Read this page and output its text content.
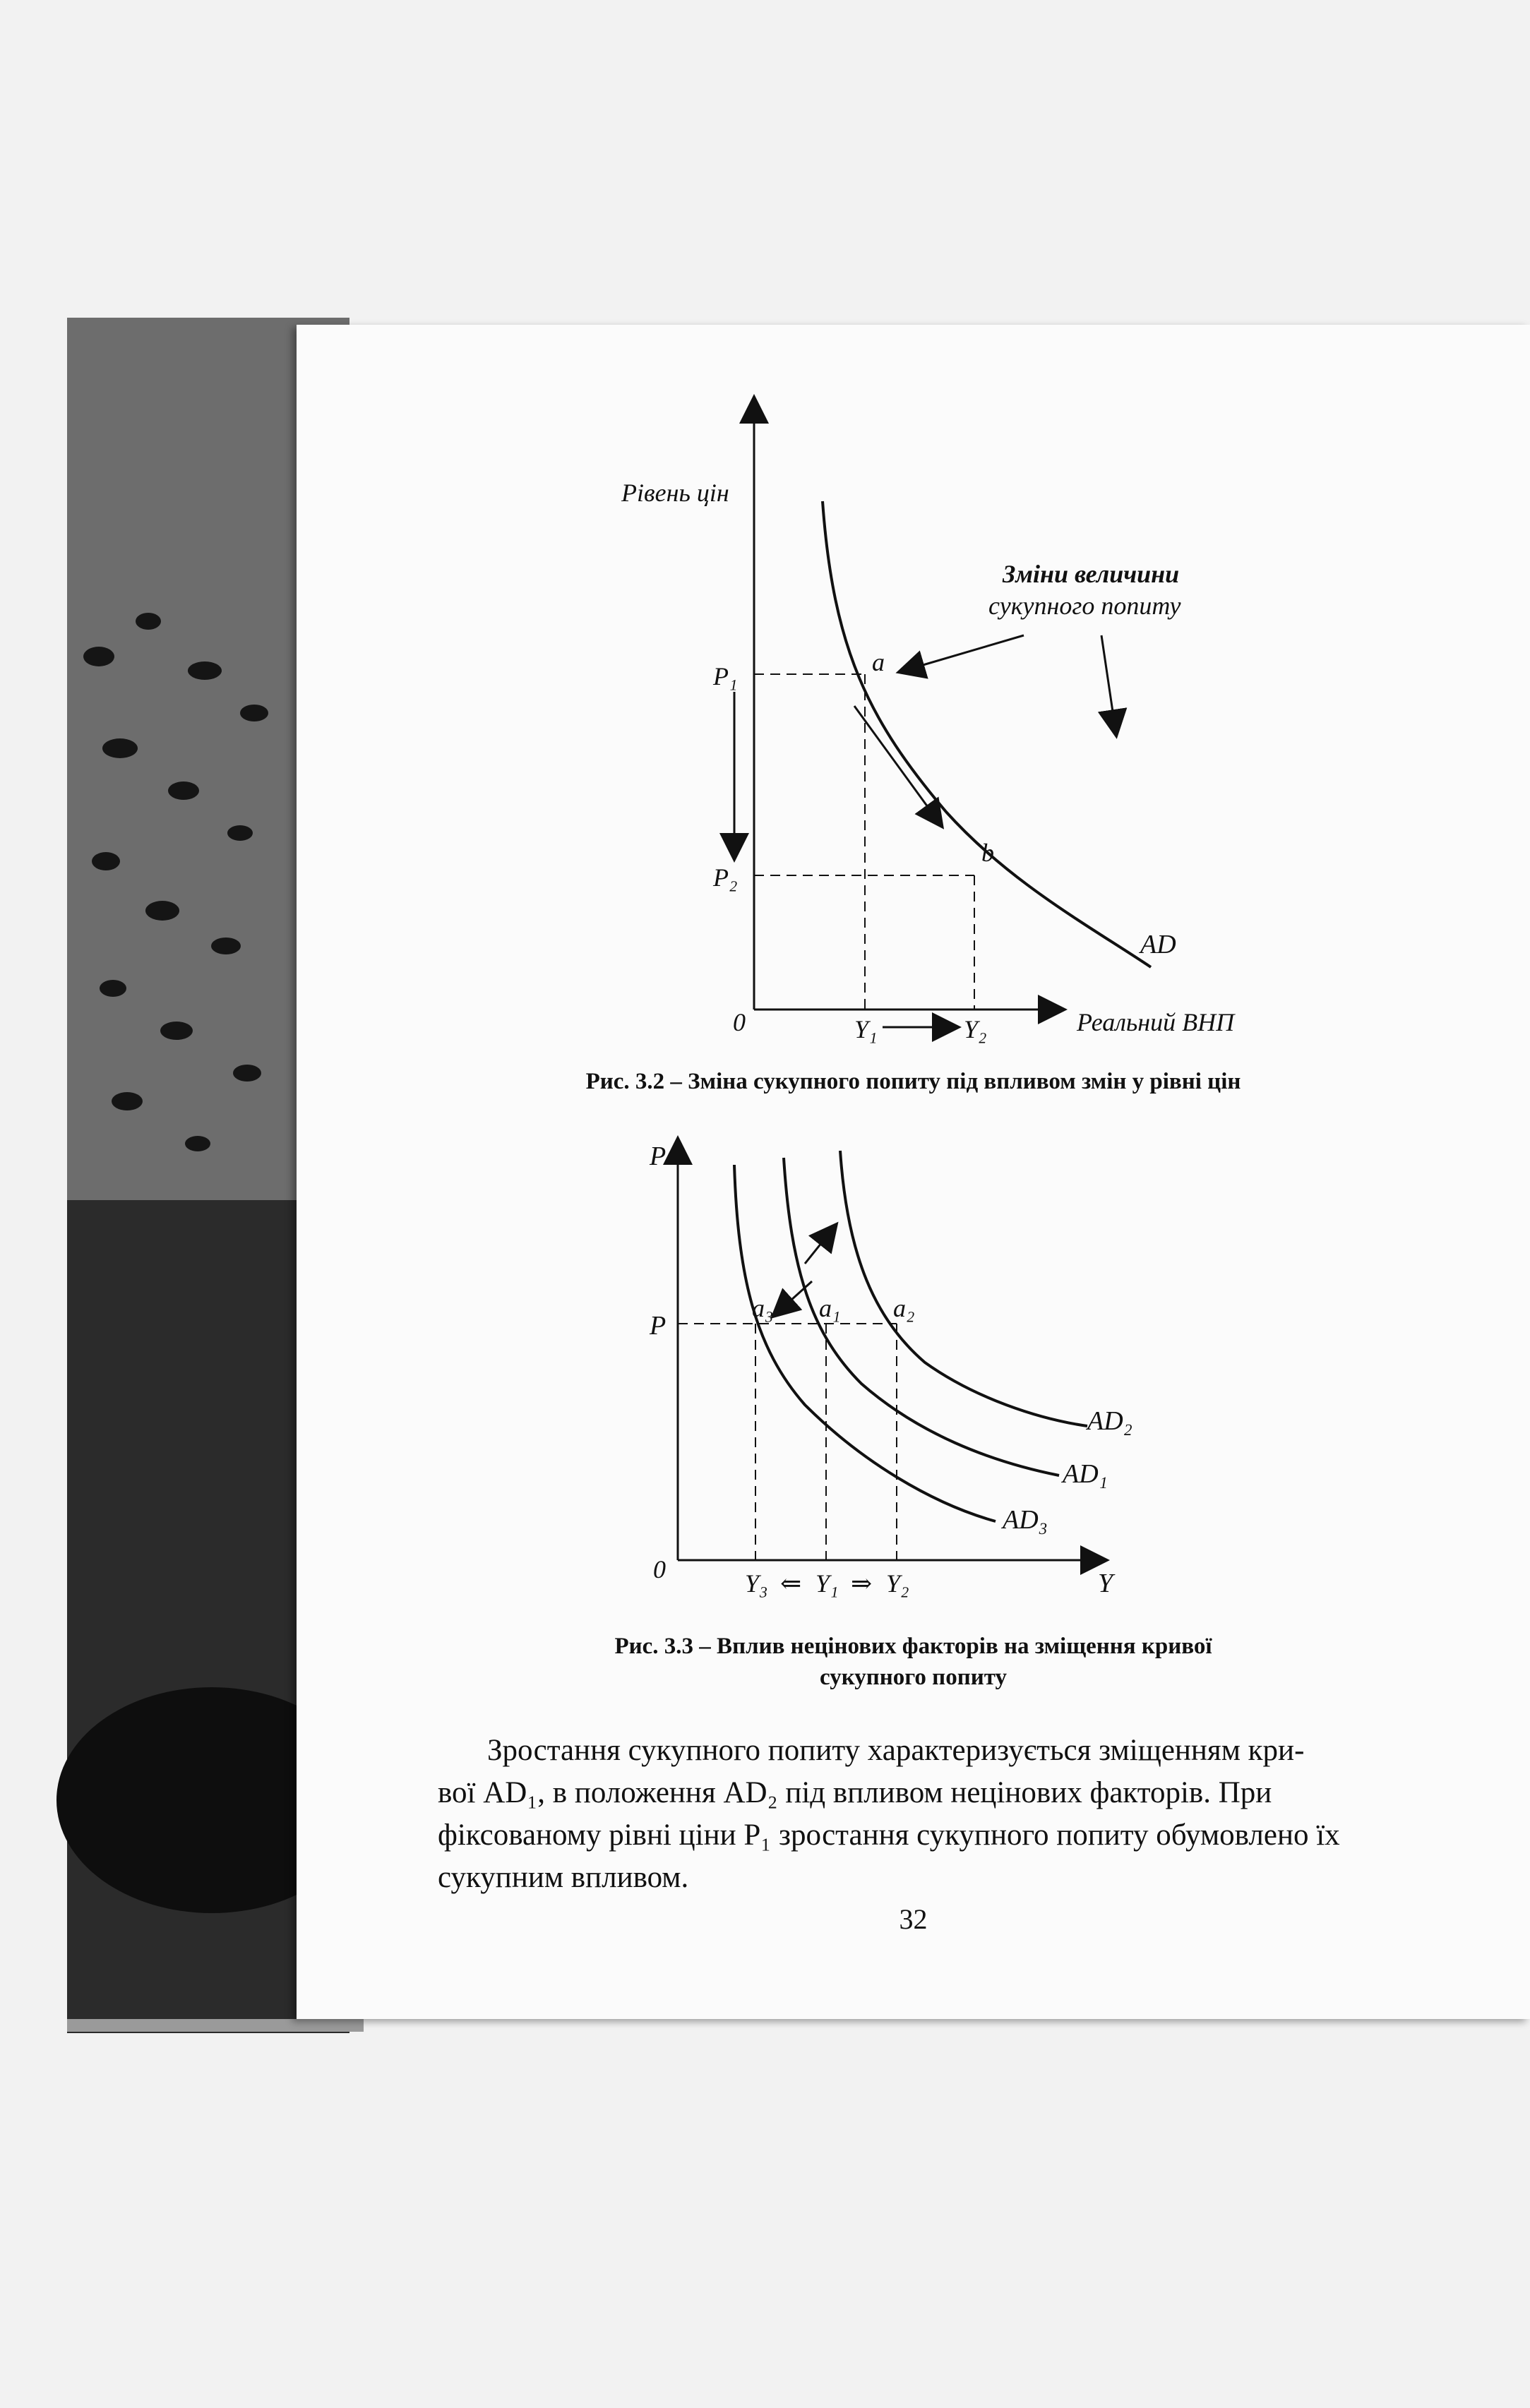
Рівень цін
Реальний ВНП
Зміни величини
сукупного попиту
P₁
P₂
a
b
0	Y₁	Y₂
AD
Рис. 3.2 – Зміна сукупного попиту під впливом змін у рівні цін
P
P
0
a₃ a₁ a₂
AD₂
AD₁
AD₃
Y₃ ⇐ Y₁ ⇒ Y₂	Y
Рис. 3.3 – Вплив нецінових факторів на зміщення кривої
сукупного попиту
Зростання сукупного попиту характеризується зміщенням кри-
вої AD₁, в положення AD₂ під впливом нецінових факторів. При
фіксованому рівні ціни P₁ зростання сукупного попиту обумовлено їх
сукупним впливом.
32
